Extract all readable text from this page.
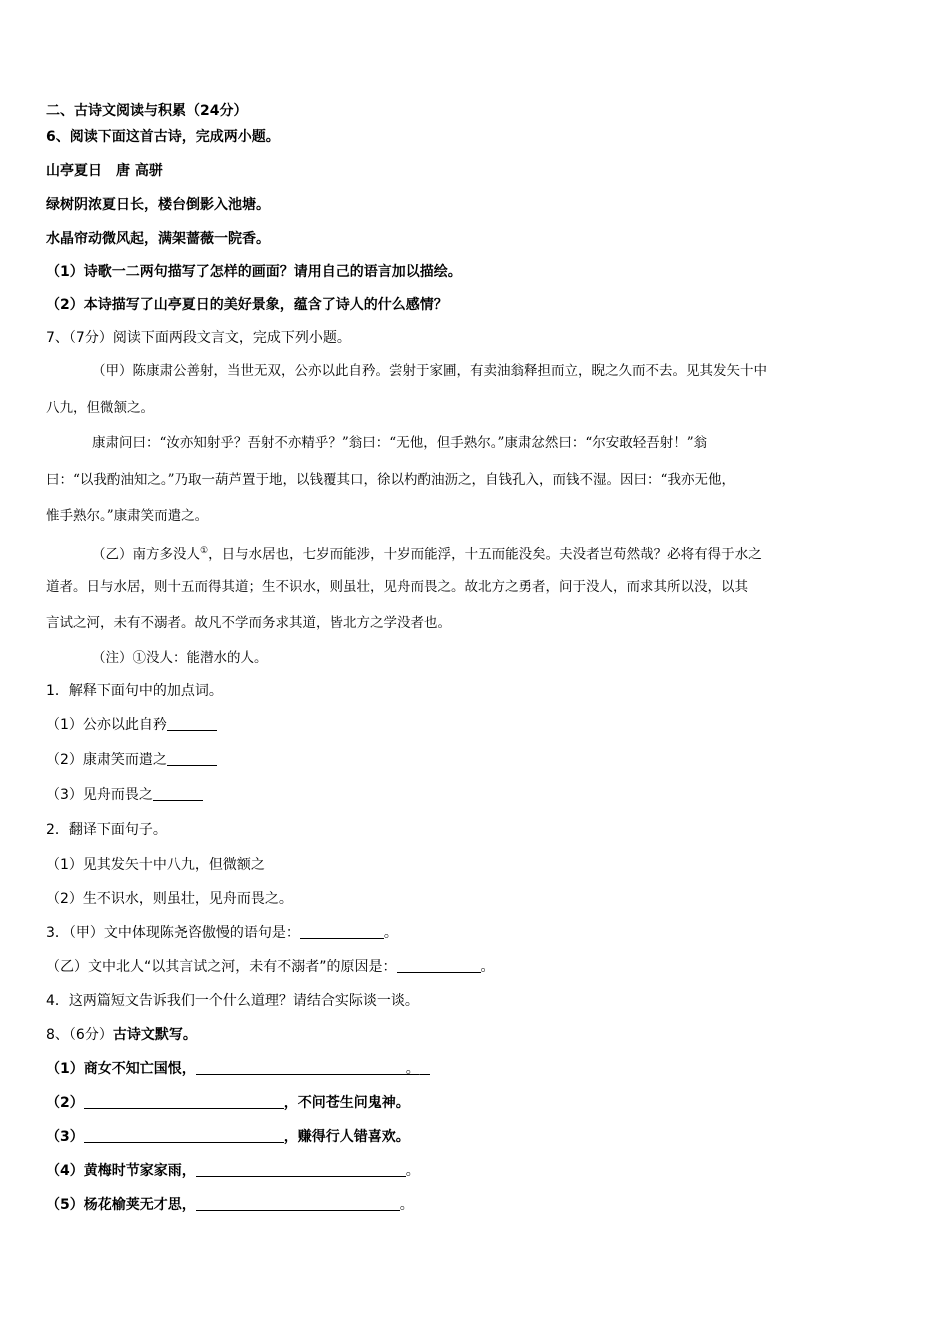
二、古诗文阅读与积累（24分）
6、阅读下面这首古诗，完成两小题。
山亭夏日　唐 高骈
绿树阴浓夏日长，楼台倒影入池塘。
水晶帘动微风起，满架蔷薇一院香。
（1）诗歌一二两句描写了怎样的画面？请用自己的语言加以描绘。
（2）本诗描写了山亭夏日的美好景象，蕴含了诗人的什么感情？
7、（7分）阅读下面两段文言文，完成下列小题。
（甲）陈康肃公善射，当世无双，公亦以此自矜。尝射于家圃，有卖油翁释担而立，睨之久而不去。见其发矢十中
八九，但微颔之。
康肃问曰：“汝亦知射乎？吾射不亦精乎？”翁曰：“无他，但手熟尔。”康肃忿然曰：“尔安敢轻吾射！”翁
曰：“以我酌油知之。”乃取一葫芦置于地，以钱覆其口，徐以杓酌油沥之，自钱孔入，而钱不湿。因曰：“我亦无他，
惟手熟尔。”康肃笑而遣之。
（乙）南方多没人①，日与水居也，七岁而能涉，十岁而能浮，十五而能没矣。夫没者岂苟然哉？必将有得于水之
道者。日与水居，则十五而得其道；生不识水，则虽壮，见舟而畏之。故北方之勇者，问于没人，而求其所以没，以其
言试之河，未有不溺者。故凡不学而务求其道，皆北方之学没者也。
（注）①没人：能潜水的人。
1．解释下面句中的加点词。
（1）公亦以此自矜
（2）康肃笑而遣之
（3）见舟而畏之
2．翻译下面句子。
（1）见其发矢十中八九，但微额之
（2）生不识水，则虽壮，见舟而畏之。
3．（甲）文中体现陈尧咨傲慢的语句是：	。
（乙）文中北人“以其言试之河，未有不溺者”的原因是：	。
4．这两篇短文告诉我们一个什么道理？请结合实际谈一谈。
8、（6分）古诗文默写。
（1）商女不知亡国恨，	。
（2）	，不问苍生问鬼神。
（3）	，赚得行人错喜欢。
（4）黄梅时节家家雨，	。
（5）杨花榆荚无才思，	。
